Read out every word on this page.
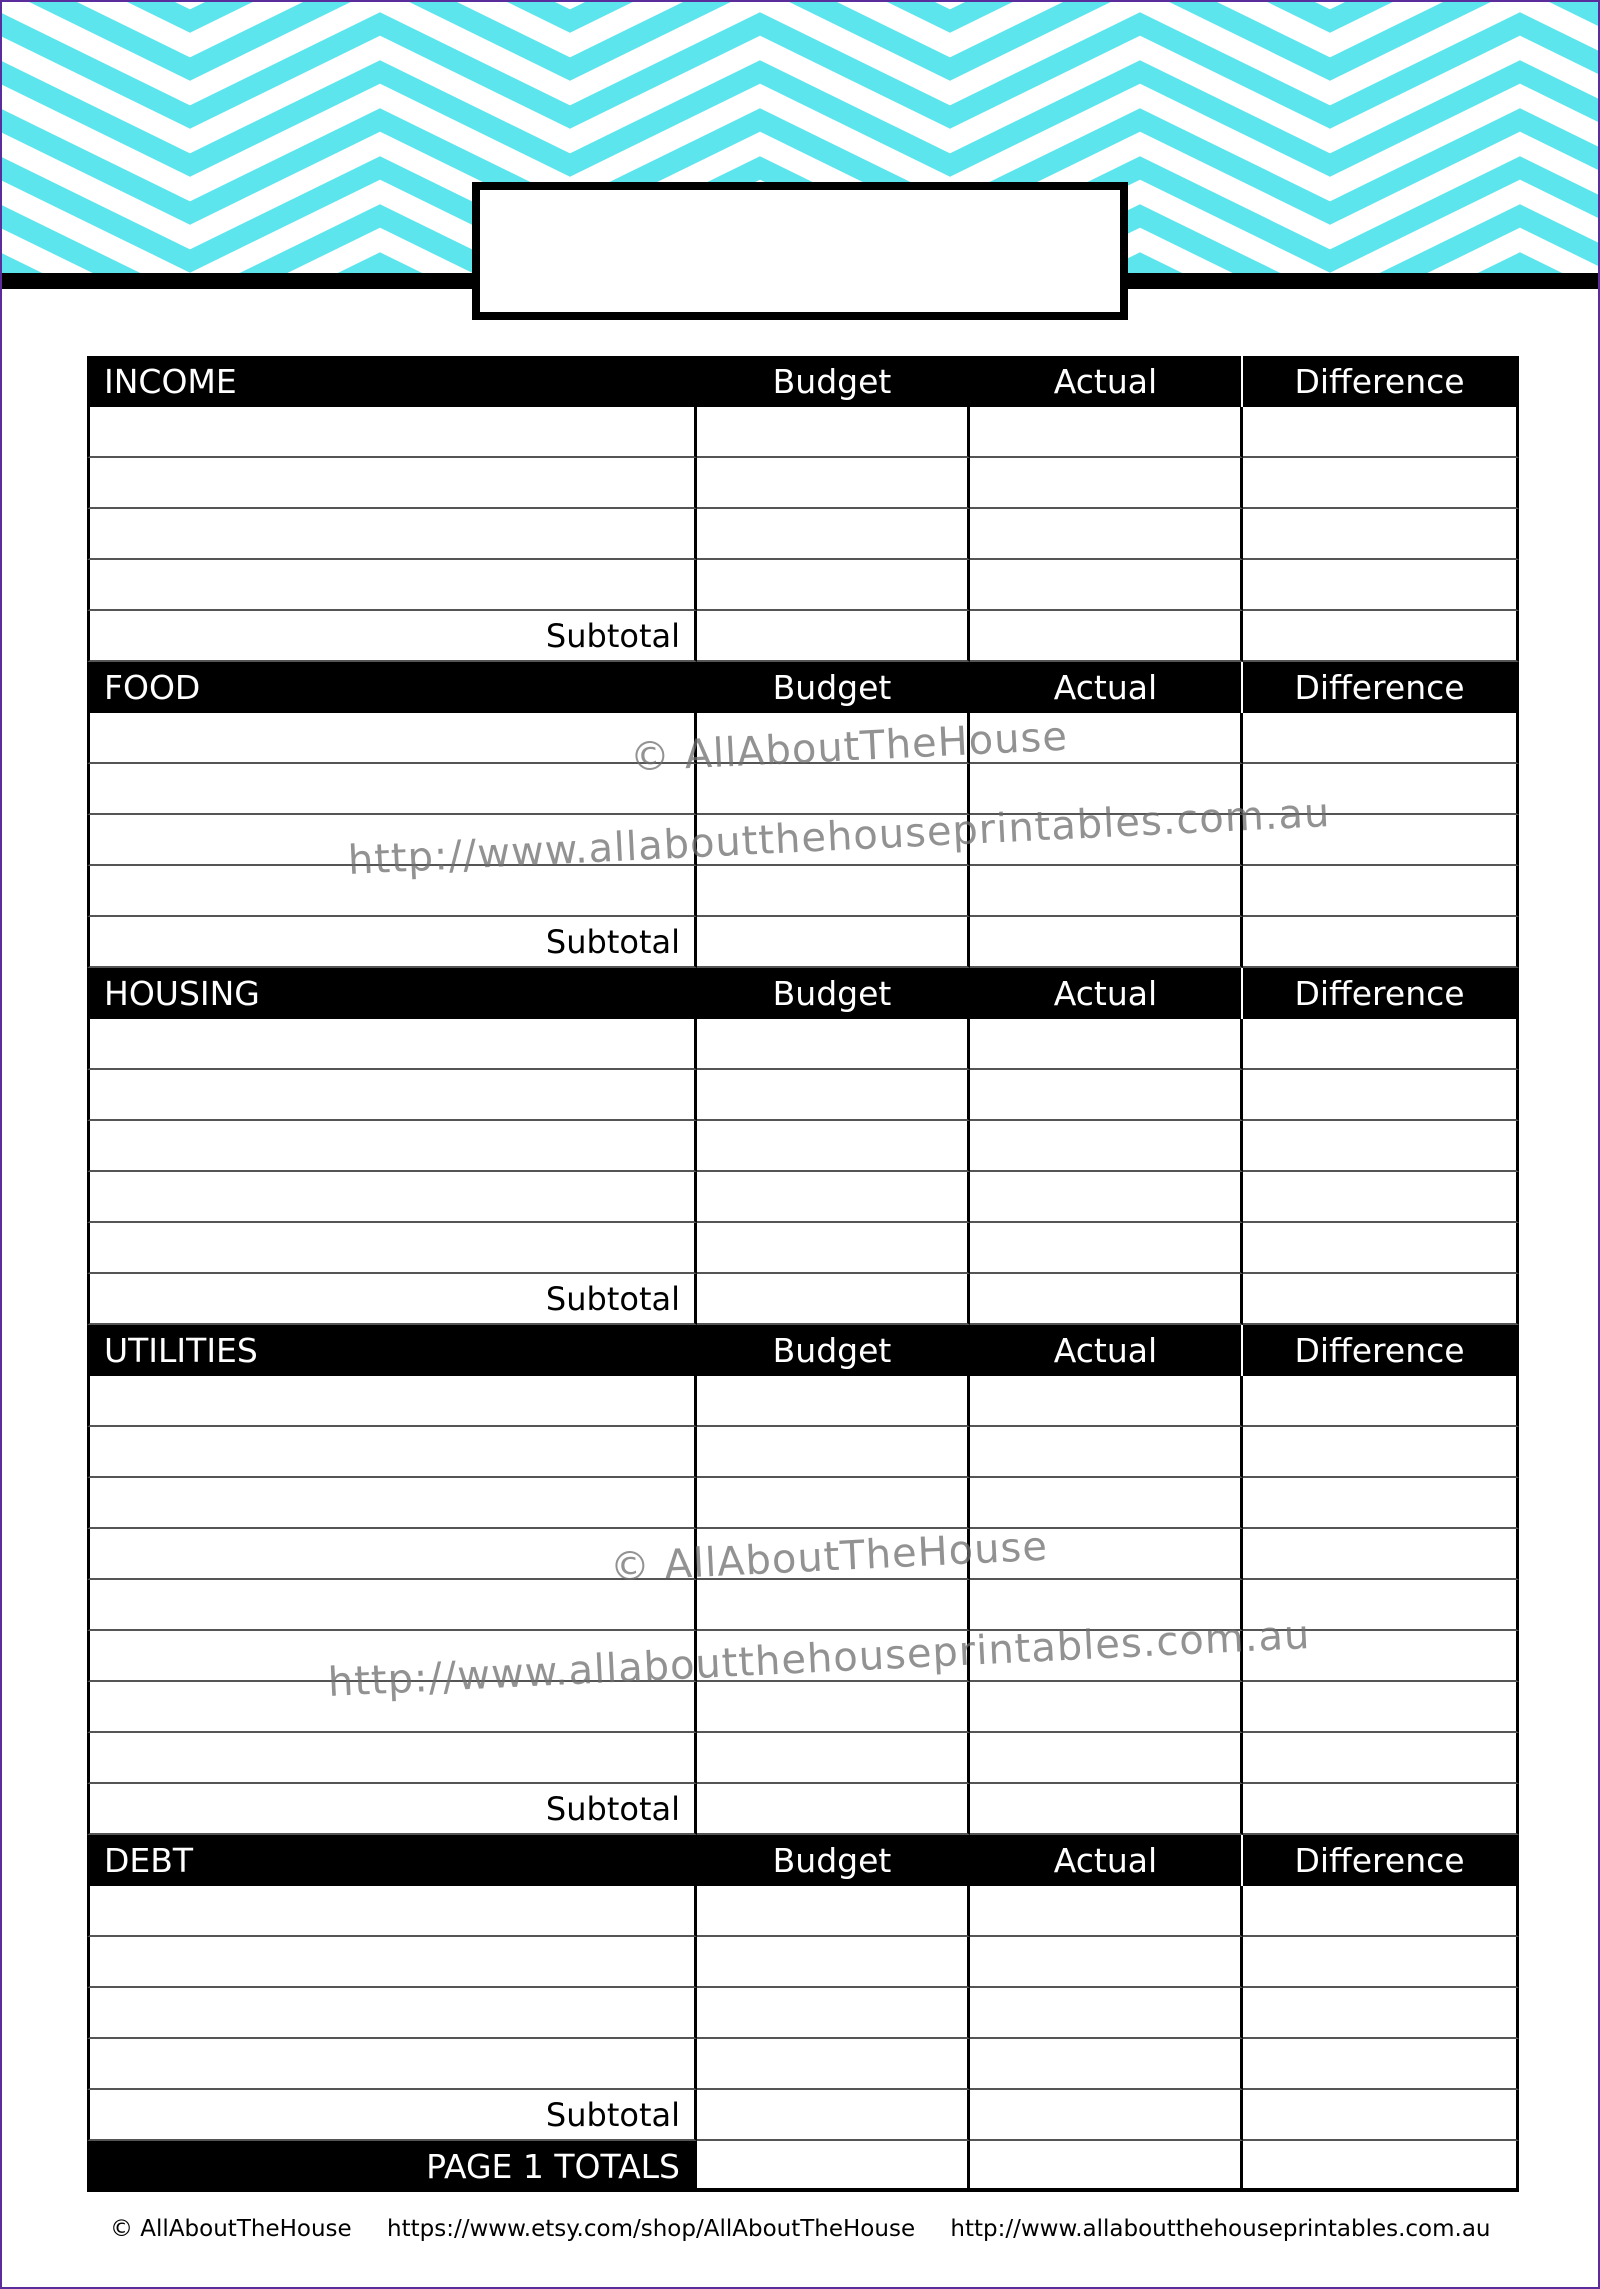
INCOME	Budget	Actual	Difference
Subtotal
FOOD	Budget	Actual	Difference
Subtotal
HOUSING	Budget	Actual	Difference
Subtotal
UTILITIES	Budget	Actual	Difference
Subtotal
DEBT	Budget	Actual	Difference
Subtotal
PAGE 1 TOTALS
© AllAboutTheHouse
http://www.allaboutthehouseprintables.com.au
© AllAboutTheHouse
http://www.allaboutthehouseprintables.com.au
© AllAboutTheHouse https://www.etsy.com/shop/AllAboutTheHouse http://www.allaboutthehouseprintables.com.au
